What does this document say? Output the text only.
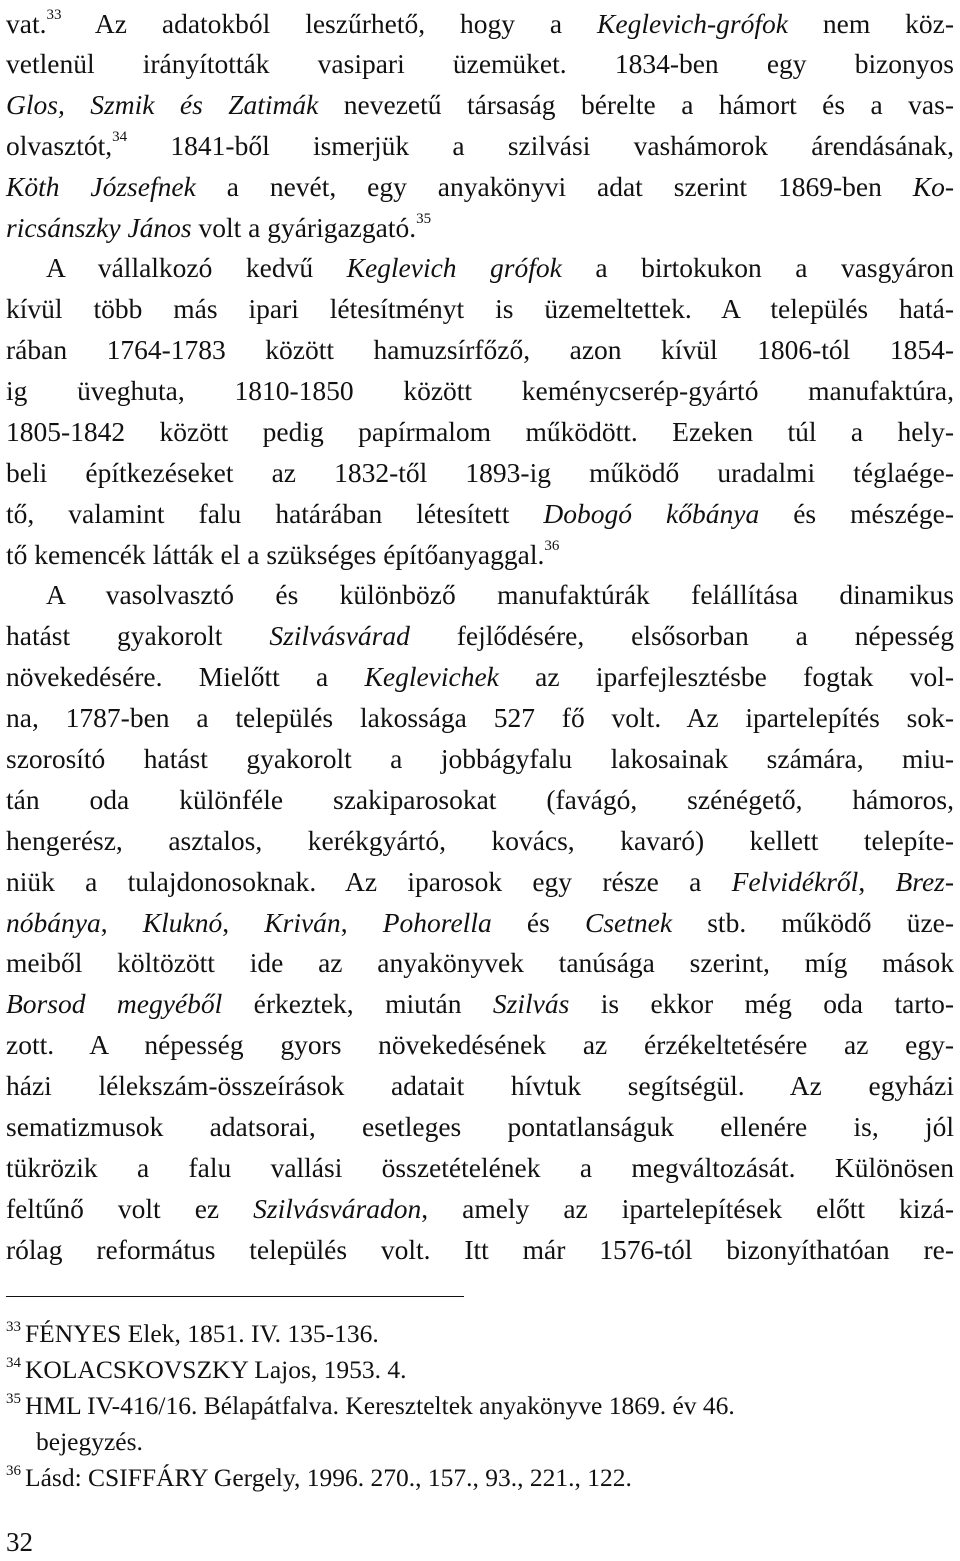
vat.$^{33}$ Az adatokból leszűrhető, hogy a Keglevich-grófok nem köz-
vetlenül irányították vasipari üzemüket. 1834-ben egy bizonyos
Glos, Szmik és Zatimák nevezetű társaság bérelte a hámort és a vas-
olvasztót,$^{34}$ 1841-ből ismerjük a szilvási vashámorok árendásának,
Köth Józsefnek a nevét, egy anyakönyvi adat szerint 1869-ben Ko-
ricsánszky János volt a gyárigazgató.$^{35}$
A vállalkozó kedvű Keglevich grófok a birtokukon a vasgyáron
kívül több más ipari létesítményt is üzemeltettek. A település hatá-
rában 1764-1783 között hamuzsírfőző, azon kívül 1806-tól 1854-
ig üveghuta, 1810-1850 között keménycserép-gyártó manufaktúra,
1805-1842 között pedig papírmalom működött. Ezeken túl a hely-
beli építkezéseket az 1832-től 1893-ig működő uradalmi téglaége-
tő, valamint falu határában létesített Dobogó kőbánya és mészége-
tő kemencék látták el a szükséges építőanyaggal.$^{36}$
A vasolvasztó és különböző manufaktúrák felállítása dinamikus
hatást gyakorolt Szilvásvárad fejlődésére, elsősorban a népesség
növekedésére. Mielőtt a Keglevichek az iparfejlesztésbe fogtak vol-
na, 1787-ben a település lakossága 527 fő volt. Az ipartelepítés sok-
szorosító hatást gyakorolt a jobbágyfalu lakosainak számára, miu-
tán oda különféle szakiparosokat (favágó, szénégető, hámoros,
hengerész, asztalos, kerékgyártó, kovács, kavaró) kellett telepíte-
niük a tulajdonosoknak. Az iparosok egy része a Felvidékről, Brez-
nóbánya, Kluknó, Kriván, Pohorella és Csetnek stb. működő üze-
meiből költözött ide az anyakönyvek tanúsága szerint, míg mások
Borsod megyéből érkeztek, miután Szilvás is ekkor még oda tarto-
zott. A népesség gyors növekedésének az érzékeltetésére az egy-
házi lélekszám-összeírások adatait hívtuk segítségül. Az egyházi
sematizmusok adatsorai, esetleges pontatlanságuk ellenére is, jól
tükrözik a falu vallási összetételének a megváltozását. Különösen
feltűnő volt ez Szilvásváradon, amely az ipartelepítések előtt kizá-
rólag református település volt. Itt már 1576-tól bizonyíthatóan re-
$^{33}$ FÉNYES Elek, 1851. IV. 135-136.
$^{34}$ KOLACSKOVSZKY Lajos, 1953. 4.
$^{35}$ HML IV-416/16. Bélapátfalva. Kereszteltek anyakönyve 1869. év 46.
bejegyzés.
$^{36}$ Lásd: CSIFFÁRY Gergely, 1996. 270., 157., 93., 221., 122.
32
